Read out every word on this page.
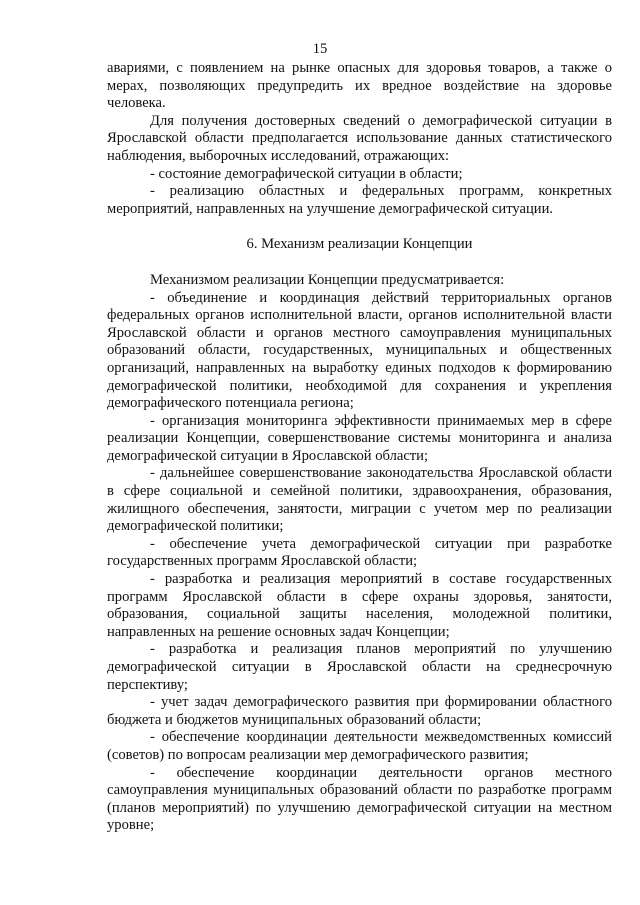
15

авариями, с появлением на рынке опасных для здоровья товаров, а также о мерах, позволяющих предупредить их вредное воздействие на здоровье человека.

Для получения достоверных сведений о демографической ситуации в Ярославской области предполагается использование данных статистического наблюдения, выборочных исследований, отражающих:

- состояние демографической ситуации в области;

- реализацию областных и федеральных программ, конкретных мероприятий, направленных на улучшение демографической ситуации.

6. Механизм реализации Концепции

Механизмом реализации Концепции предусматривается:

- объединение и координация действий территориальных органов федеральных органов исполнительной власти, органов исполнительной власти Ярославской области и органов местного самоуправления муниципальных образований области, государственных, муниципальных и общественных организаций, направленных на выработку единых подходов к формированию демографической политики, необходимой для сохранения и укрепления демографического потенциала региона;

- организация мониторинга эффективности принимаемых мер в сфере реализации Концепции, совершенствование системы мониторинга и анализа демографической ситуации в Ярославской области;

- дальнейшее совершенствование законодательства Ярославской области в сфере социальной и семейной политики, здравоохранения, образования, жилищного обеспечения, занятости, миграции с учетом мер по реализации демографической политики;

- обеспечение учета демографической ситуации при разработке государственных программ Ярославской области;

- разработка и реализация мероприятий в составе государственных программ Ярославской области в сфере охраны здоровья, занятости, образования, социальной защиты населения, молодежной политики, направленных на решение основных задач Концепции;

- разработка и реализация планов мероприятий по улучшению демографической ситуации в Ярославской области на среднесрочную перспективу;

- учет задач демографического развития при формировании областного бюджета и бюджетов муниципальных образований области;

- обеспечение координации деятельности межведомственных комиссий (советов) по вопросам реализации мер демографического развития;

- обеспечение координации деятельности органов местного самоуправления муниципальных образований области по разработке программ (планов мероприятий) по улучшению демографической ситуации на местном уровне;
